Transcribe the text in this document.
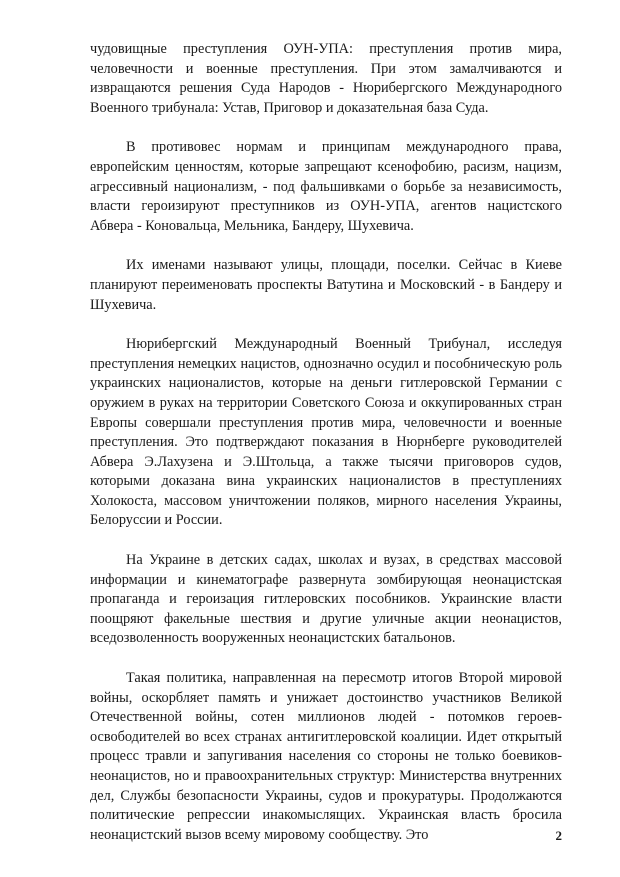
чудовищные преступления ОУН-УПА: преступления против мира, человечности и военные преступления. При этом замалчиваются и извращаются решения Суда Народов - Нюрибергского Международного Военного трибунала: Устав, Приговор и доказательная база Суда.

В противовес нормам и принципам международного права, европейским ценностям, которые запрещают ксенофобию, расизм, нацизм, агрессивный национализм, - под фальшивками о борьбе за независимость, власти героизируют преступников из ОУН-УПА, агентов нацистского Абвера - Коновальца, Мельника, Бандеру, Шухевича.

Их именами называют улицы, площади, поселки. Сейчас в Киеве планируют переименовать проспекты Ватутина и Московский - в Бандеру и Шухевича.

Нюрибергский Международный Военный Трибунал, исследуя преступления немецких нацистов, однозначно осудил и пособническую роль украинских националистов, которые на деньги гитлеровской Германии с оружием в руках на территории Советского Союза и оккупированных стран Европы совершали преступления против мира, человечности и военные преступления. Это подтверждают показания в Нюрнберге руководителей Абвера Э.Лахузена и Э.Штольца, а также тысячи приговоров судов, которыми доказана вина украинских националистов в преступлениях Холокоста, массовом уничтожении поляков, мирного населения Украины, Белоруссии и России.

На Украине в детских садах, школах и вузах, в средствах массовой информации и кинематографе развернута зомбирующая неонацистская пропаганда и героизация гитлеровских пособников. Украинские власти поощряют факельные шествия и другие уличные акции неонацистов, вседозволенность вооруженных неонацистских батальонов.

Такая политика, направленная на пересмотр итогов Второй мировой войны, оскорбляет память и унижает достоинство участников Великой Отечественной войны, сотен миллионов людей - потомков героев-освободителей во всех странах антигитлеровской коалиции. Идет открытый процесс травли и запугивания населения со стороны не только боевиков-неонацистов, но и правоохранительных структур: Министерства внутренних дел, Службы безопасности Украины, судов и прокуратуры. Продолжаются политические репрессии инакомыслящих. Украинская власть бросила неонацистский вызов всему мировому сообществу. Это	2
